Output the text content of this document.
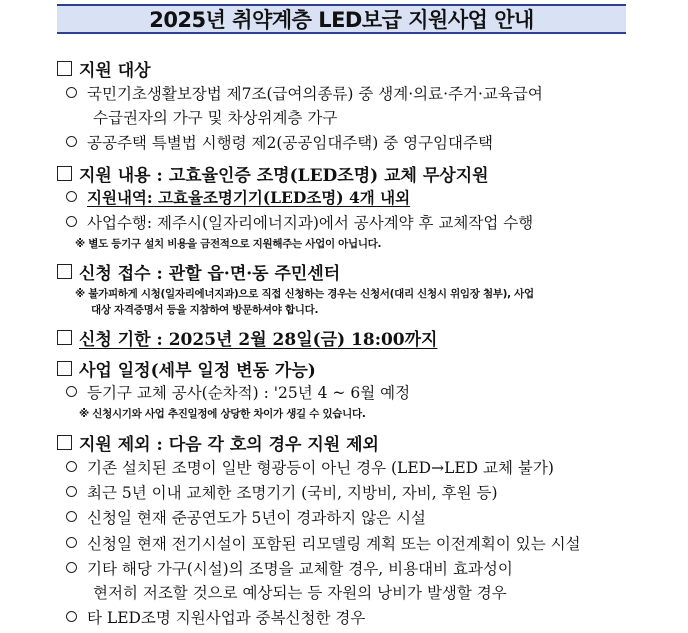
2025년 취약계층 LED보급 지원사업 안내
지원 대상
국민기초생활보장법 제7조(급여의종류) 중 생계·의료·주거·교육급여
수급권자의 가구 및 차상위계층 가구
공공주택 특별법 시행령 제2(공공임대주택) 중 영구임대주택
지원 내용 : 고효율인증 조명(LED조명) 교체 무상지원
지원내역: 고효율조명기기(LED조명) 4개 내외
사업수행: 제주시(일자리에너지과)에서 공사계약 후 교체작업 수행
※ 별도 등기구 설치 비용을 금전적으로 지원해주는 사업이 아닙니다.
신청 접수 : 관할 읍·면·동 주민센터
※ 불가피하게 시청(일자리에너지과)으로 직접 신청하는 경우는 신청서(대리 신청시 위임장 첨부), 사업
대상 자격증명서 등을 지참하여 방문하셔야 합니다.
신청 기한 : 2025년 2월 28일(금) 18:00까지
사업 일정(세부 일정 변동 가능)
등기구 교체 공사(순차적) : '25년 4 ~ 6월 예정
※ 신청시기와 사업 추진일정에 상당한 차이가 생길 수 있습니다.
지원 제외 : 다음 각 호의 경우 지원 제외
기존 설치된 조명이 일반 형광등이 아닌 경우 (LED→LED 교체 불가)
최근 5년 이내 교체한 조명기기 (국비, 지방비, 자비, 후원 등)
신청일 현재 준공연도가 5년이 경과하지 않은 시설
신청일 현재 전기시설이 포함된 리모델링 계획 또는 이전계획이 있는 시설
기타 해당 가구(시설)의 조명을 교체할 경우, 비용대비 효과성이
현저히 저조할 것으로 예상되는 등 자원의 낭비가 발생할 경우
타 LED조명 지원사업과 중복신청한 경우
